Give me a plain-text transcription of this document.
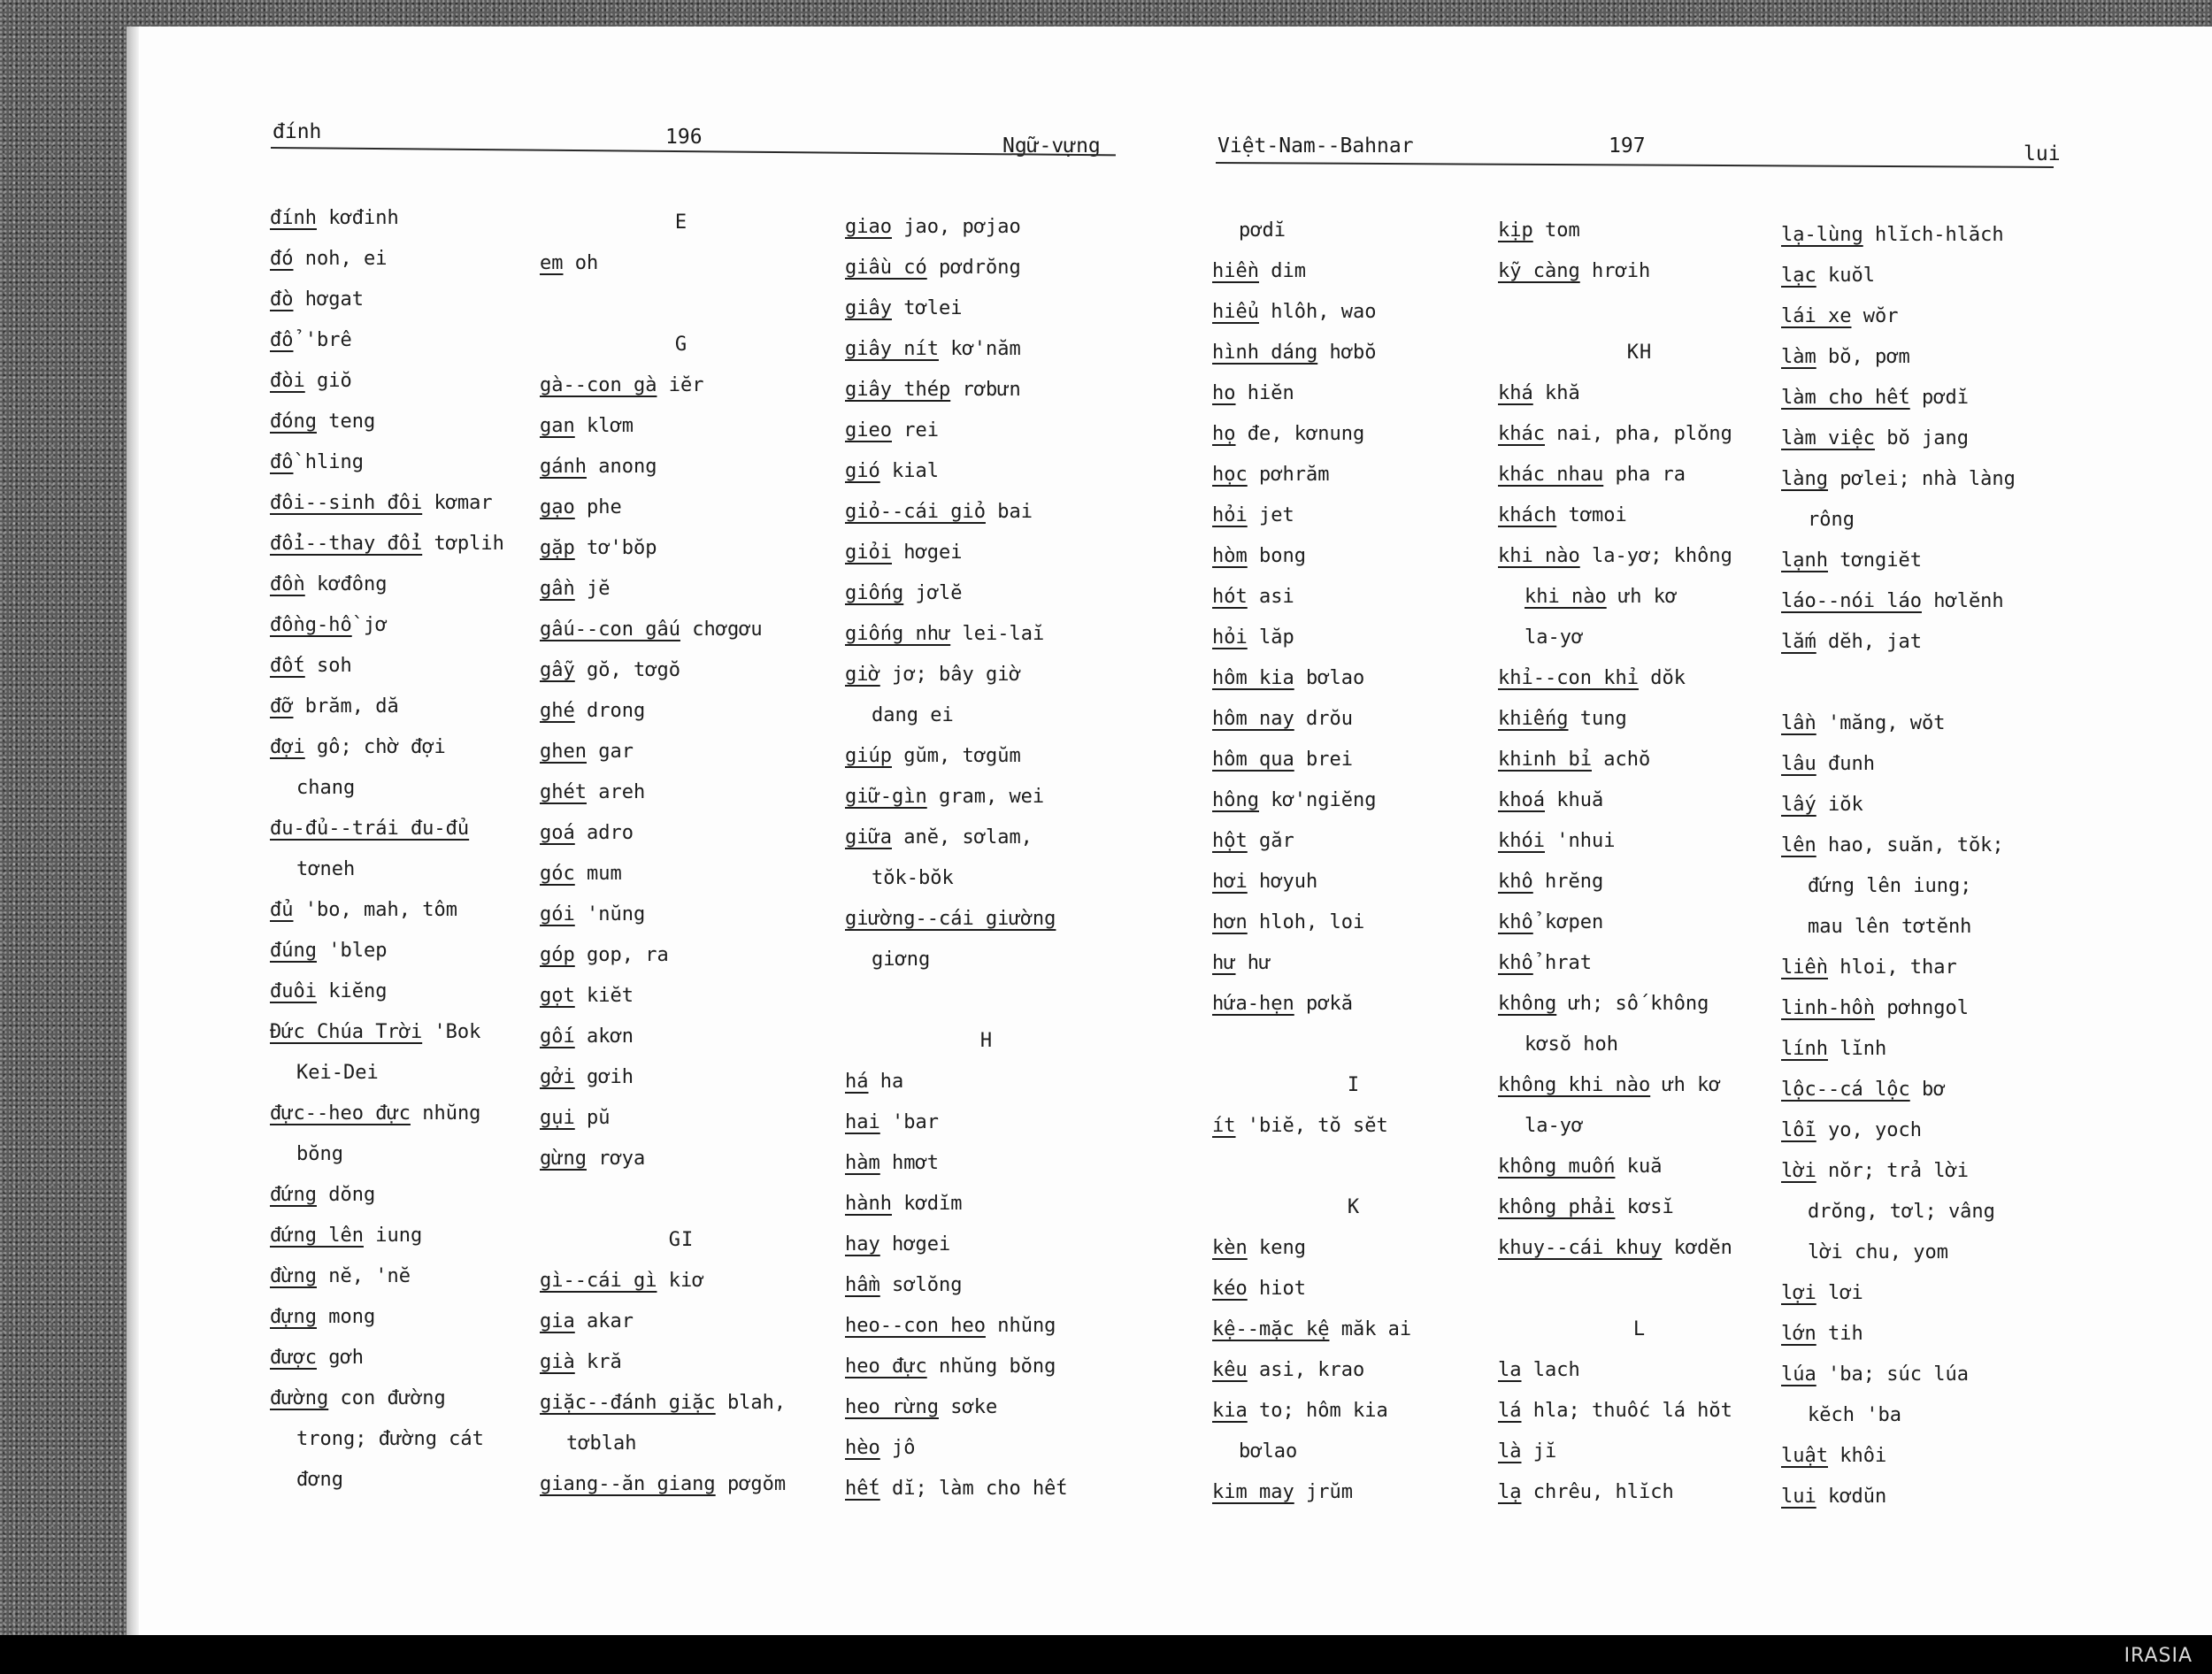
đính	196	Ngữ-vựng	Việt-Nam--Bahnar	197	lui
đính kơđinh
đó noh, ei
đò hơgat
đổ 'brê
đòi giŏ
đóng teng
đồ hling
đôi--sinh đôi kơmar
đổi--thay đổi tơplih
đồn kơđông
đồng-hồ jơ
đốt soh
đỡ brăm, dă
đợi gô; chờ đợi
chang
đu-đủ--trái đu-đủ
tơneh
đủ 'bo, mah, tôm
đúng 'blep
đuôi kiĕng
Đức Chúa Trời 'Bok
Kei-Dei
đực--heo đực nhŭng
bŏng
đứng dŏng
đứng lên iung
đừng nĕ, 'nĕ
đựng mong
được gơh
đường con đường
trong; đường cát
đơng
E
em oh
G
gà--con gà iĕr
gan klơm
gánh anong
gạo phe
gặp tơ'bŏp
gần jĕ
gấu--con gấu chơgơu
gẫy gŏ, tơgŏ
ghé drong
ghen gar
ghét areh
goá adro
góc mum
gói 'nŭng
góp gop, ra
gọt kiĕt
gối akơn
gởi gơih
gụi pŭ
gừng rơya
GI
gì--cái gì kiơ
gia akar
già kră
giặc--đánh giặc blah,
tơblah
giang--ăn giang pơgŏm
giao jao, pơjao
giầu có pơdrŏng
giây tơlei
giây nít kơ'năm
giây thép rơbưn
gieo rei
gió kial
giỏ--cái giỏ bai
giỏi hơgei
giống jơlĕ
giống như lei-laĭ
giờ jơ; bây giờ
dang ei
giúp gŭm, tơgŭm
giữ-gìn gram, wei
giữa anĕ, sơlam,
tŏk-bŏk
giường--cái giường
giơng
H
há ha
hai 'bar
hàm hmơt
hành kơdĭm
hay hơgei
hầm sơlŏng
heo--con heo nhŭng
heo đực nhŭng bŏng
heo rừng sơke
hèo jô
hết dĭ; làm cho hết
pơdĭ
hiền dim
hiểu hlôh, wao
hình dáng hơbŏ
ho hiĕn
họ đe, kơnung
học pơhrăm
hỏi jet
hòm bong
hót asi
hỏi lăp
hôm kia bơlao
hôm nay drŏu
hôm qua brei
hông kơ'ngiĕng
hột găr
hơi hơyuh
hơn hloh, loi
hư hư
hứa-hẹn pơkă
I
ít 'biĕ, tŏ sĕt
K
kèn keng
kéo hiot
kệ--mặc kệ măk ai
kêu asi, krao
kia to; hôm kia
bơlao
kim may jrŭm
kịp tom
kỹ càng hrơih
KH
khá khă
khác nai, pha, plŏng
khác nhau pha ra
khách tơmoi
khi nào la-yơ; không
khi nào ưh kơ
la-yơ
khỉ--con khỉ dŏk
khiếng tung
khinh bỉ achŏ
khoá khuă
khói 'nhui
khô hrĕng
khổ kơpen
khổ hrat
không ưh; số không
kơsŏ hoh
không khi nào ưh kơ
la-yơ
không muốn kuă
không phải kơsĭ
khuy--cái khuy kơdĕn
L
la lach
lá hla; thuốc lá hŏt
là jĭ
lạ chrêu, hlĭch
lạ-lùng hlĭch-hlăch
lạc kuŏl
lái xe wŏr
làm bŏ, pơm
làm cho hết pơdĭ
làm việc bŏ jang
làng pơlei; nhà làng
rông
lạnh tơngiĕt
láo--nói láo hơlĕnh
lắm dĕh, jat
lần 'măng, wŏt
lâu đunh
lấy iŏk
lên hao, suăn, tŏk;
đứng lên iung;
mau lên tơtĕnh
liền hloi, thar
linh-hồn pơhngol
lính lĭnh
lộc--cá lộc bơ
lỗi yo, yoch
lời nŏr; trả lời
drŏng, tơl; vâng
lời chu, yom
lợi lơi
lớn tih
lúa 'ba; súc lúa
kĕch 'ba
luật khôi
lui kơdŭn
IRASIA
